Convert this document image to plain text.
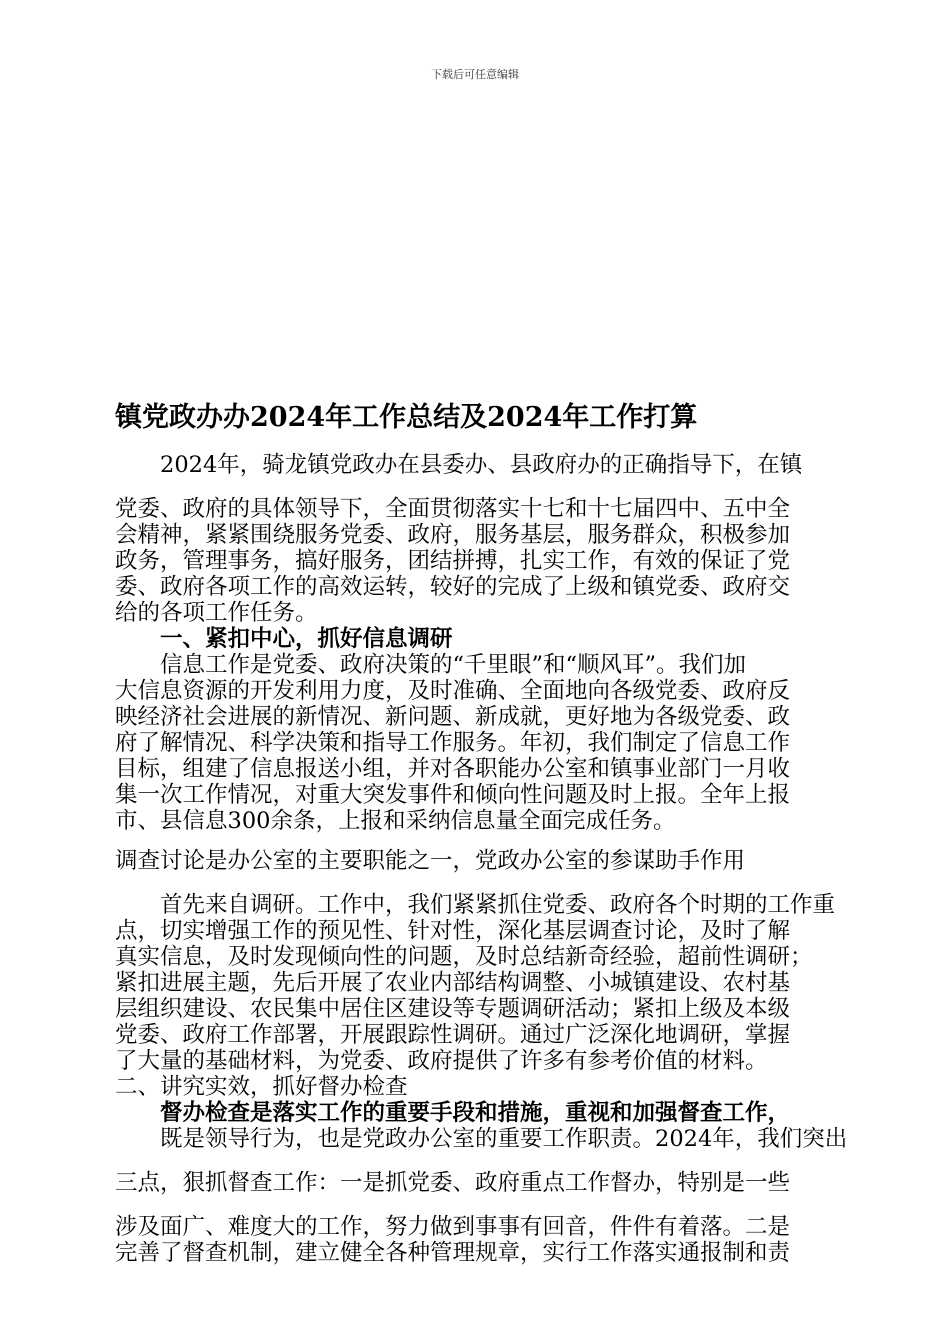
下载后可任意编辑
镇党政办办2024年工作总结及2024年工作打算
2024年，骑龙镇党政办在县委办、县政府办的正确指导下，在镇
党委、政府的具体领导下，全面贯彻落实十七和十七届四中、五中全
会精神，紧紧围绕服务党委、政府，服务基层，服务群众，积极参加
政务，管理事务，搞好服务，团结拼搏，扎实工作，有效的保证了党
委、政府各项工作的高效运转，较好的完成了上级和镇党委、政府交
给的各项工作任务。
一、紧扣中心，抓好信息调研
信息工作是党委、政府决策的“千里眼”和“顺风耳”。我们加
大信息资源的开发利用力度，及时准确、全面地向各级党委、政府反
映经济社会进展的新情况、新问题、新成就，更好地为各级党委、政
府了解情况、科学决策和指导工作服务。年初，我们制定了信息工作
目标，组建了信息报送小组，并对各职能办公室和镇事业部门一月收
集一次工作情况，对重大突发事件和倾向性问题及时上报。全年上报
市、县信息300余条，上报和采纳信息量全面完成任务。
调查讨论是办公室的主要职能之一，党政办公室的参谋助手作用
首先来自调研。工作中，我们紧紧抓住党委、政府各个时期的工作重
点，切实增强工作的预见性、针对性，深化基层调查讨论，及时了解
真实信息，及时发现倾向性的问题，及时总结新奇经验，超前性调研；
紧扣进展主题，先后开展了农业内部结构调整、小城镇建设、农村基
层组织建设、农民集中居住区建设等专题调研活动；紧扣上级及本级
党委、政府工作部署，开展跟踪性调研。通过广泛深化地调研，掌握
了大量的基础材料，为党委、政府提供了许多有参考价值的材料。
二、讲究实效，抓好督办检查
督办检查是落实工作的重要手段和措施，重视和加强督查工作，
既是领导行为，也是党政办公室的重要工作职责。2024年，我们突出
三点，狠抓督查工作：一是抓党委、政府重点工作督办，特别是一些
涉及面广、难度大的工作，努力做到事事有回音，件件有着落。二是
完善了督查机制，建立健全各种管理规章，实行工作落实通报制和责
